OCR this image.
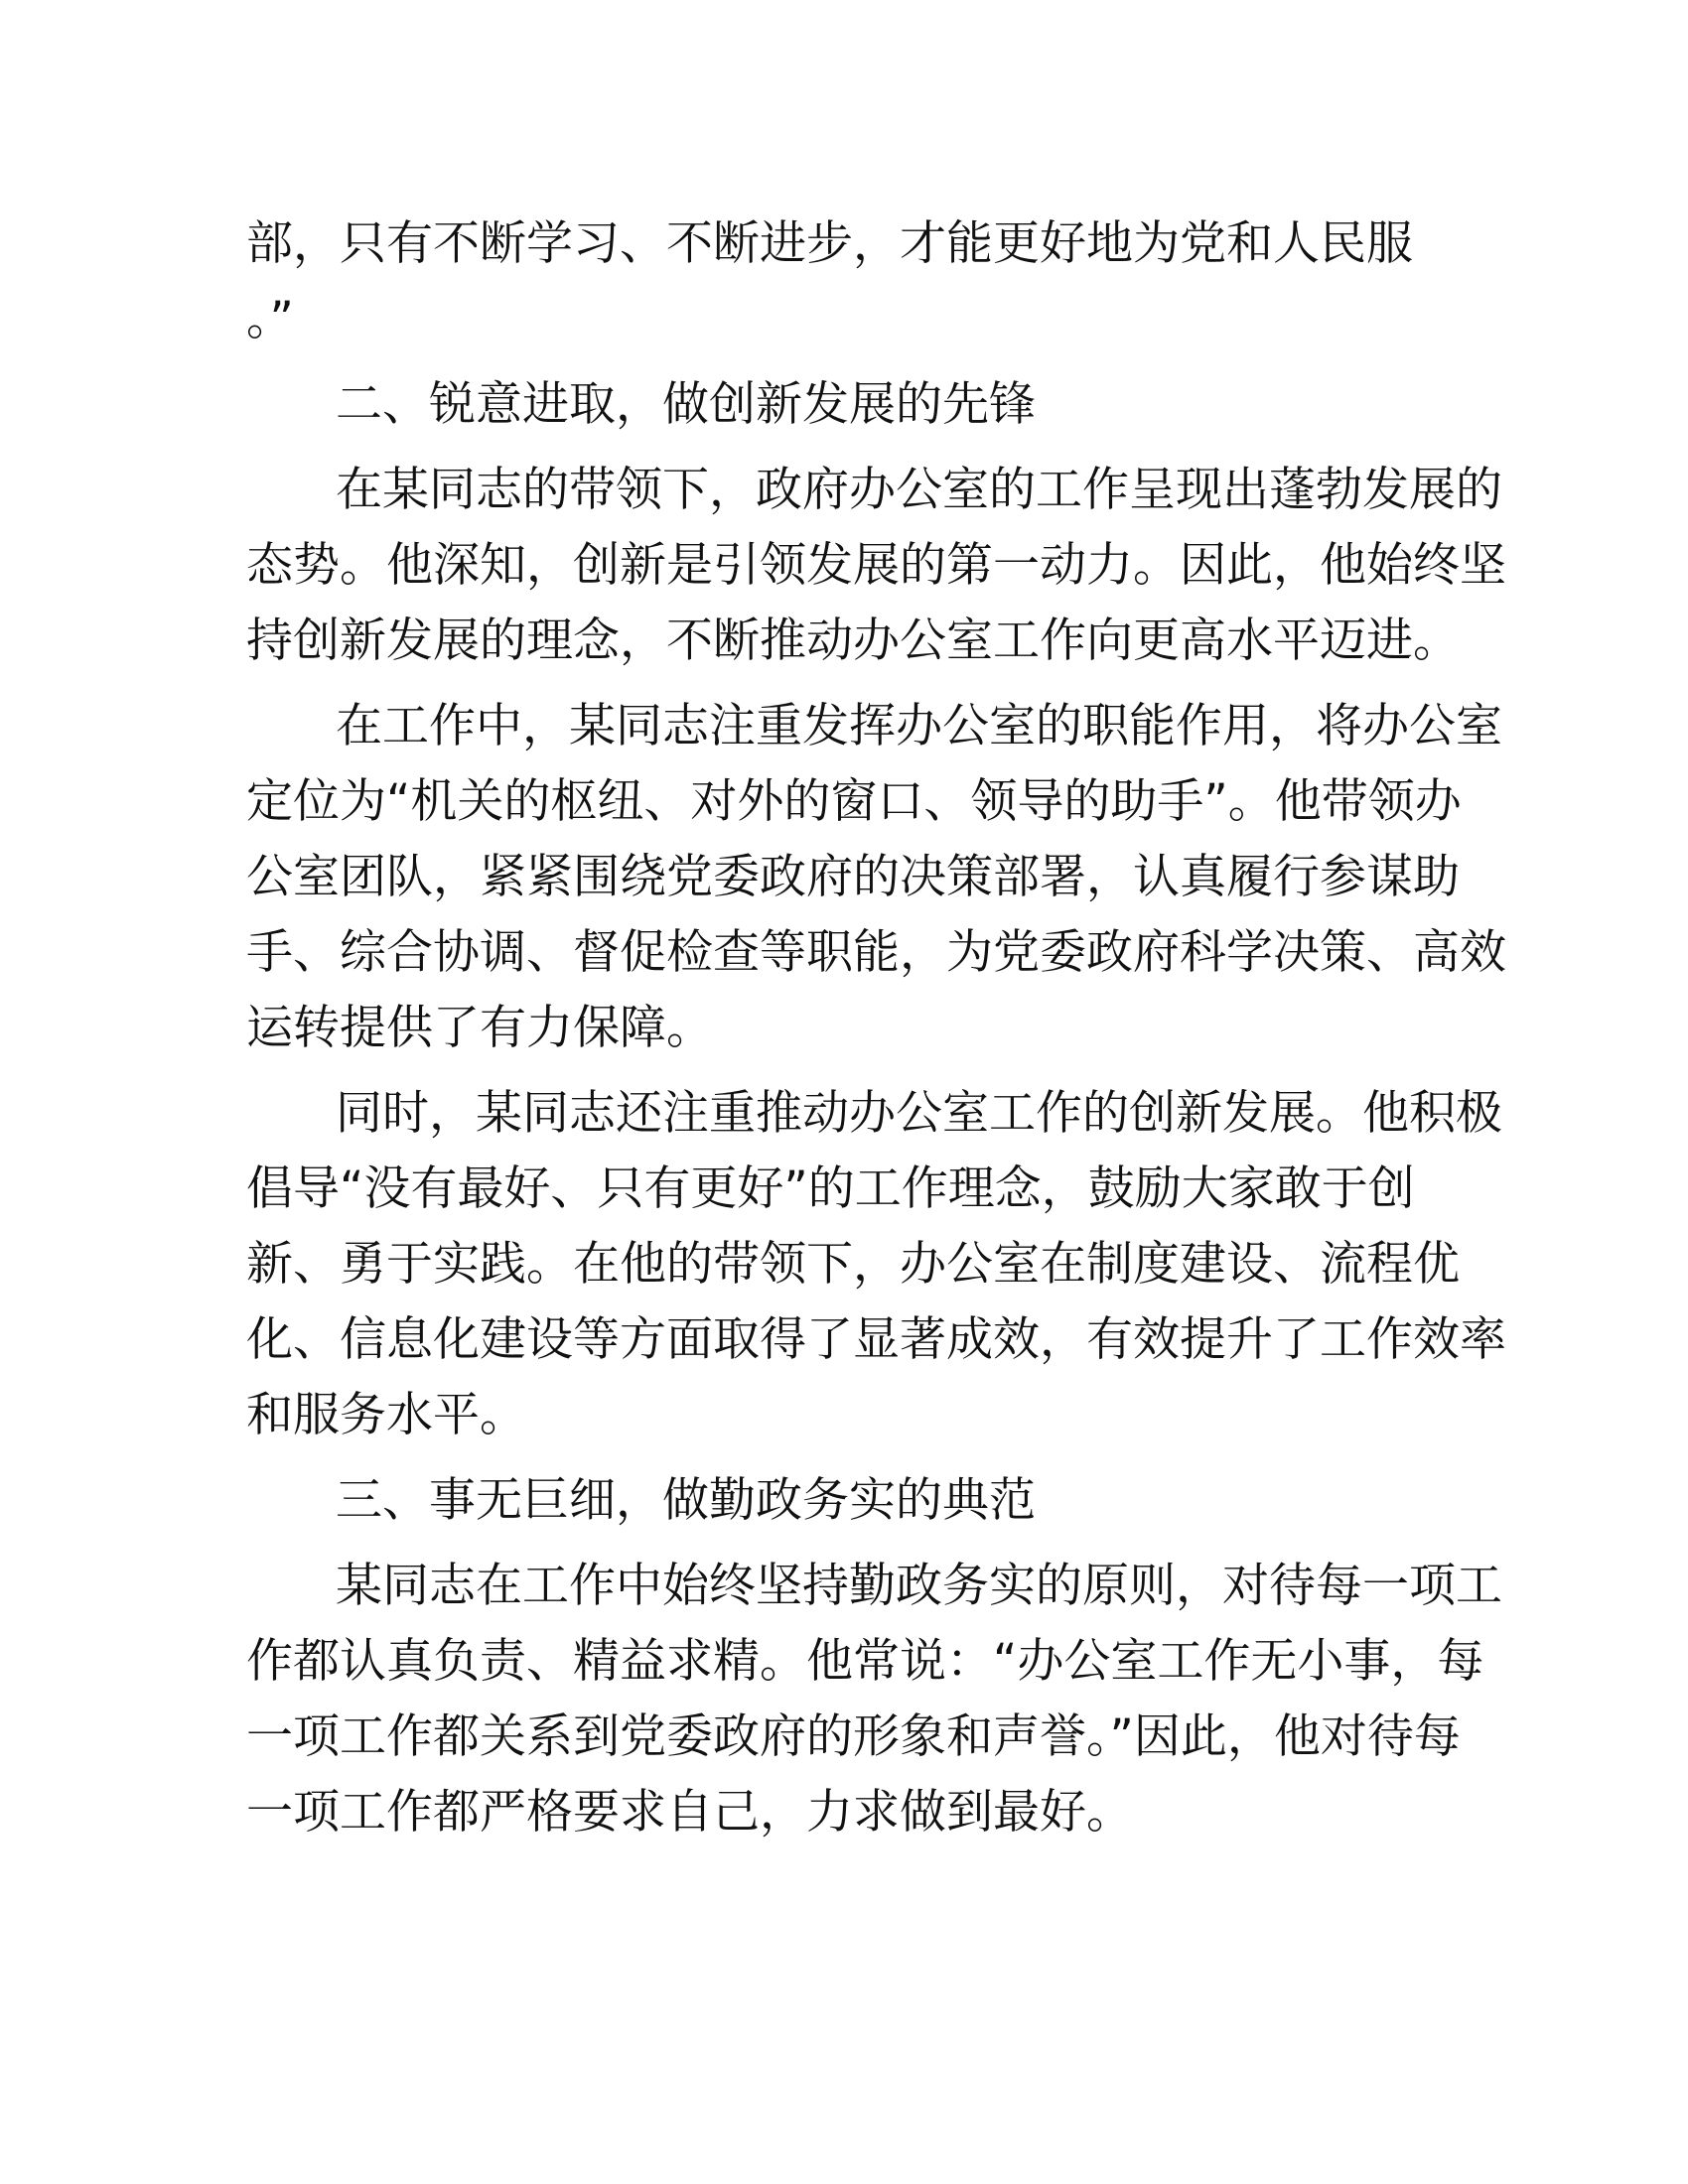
部，只有不断学习、不断进步，才能更好地为党和人民服
。”
二、锐意进取，做创新发展的先锋
在某同志的带领下，政府办公室的工作呈现出蓬勃发展的
态势。他深知，创新是引领发展的第一动力。因此，他始终坚
持创新发展的理念，不断推动办公室工作向更高水平迈进。
在工作中，某同志注重发挥办公室的职能作用，将办公室
定位为“机关的枢纽、对外的窗口、领导的助手”。他带领办
公室团队，紧紧围绕党委政府的决策部署，认真履行参谋助
手、综合协调、督促检查等职能，为党委政府科学决策、高效
运转提供了有力保障。
同时，某同志还注重推动办公室工作的创新发展。他积极
倡导“没有最好、只有更好”的工作理念，鼓励大家敢于创
新、勇于实践。在他的带领下，办公室在制度建设、流程优
化、信息化建设等方面取得了显著成效，有效提升了工作效率
和服务水平。
三、事无巨细，做勤政务实的典范
某同志在工作中始终坚持勤政务实的原则，对待每一项工
作都认真负责、精益求精。他常说：“办公室工作无小事，每
一项工作都关系到党委政府的形象和声誉。”因此，他对待每
一项工作都严格要求自己，力求做到最好。
